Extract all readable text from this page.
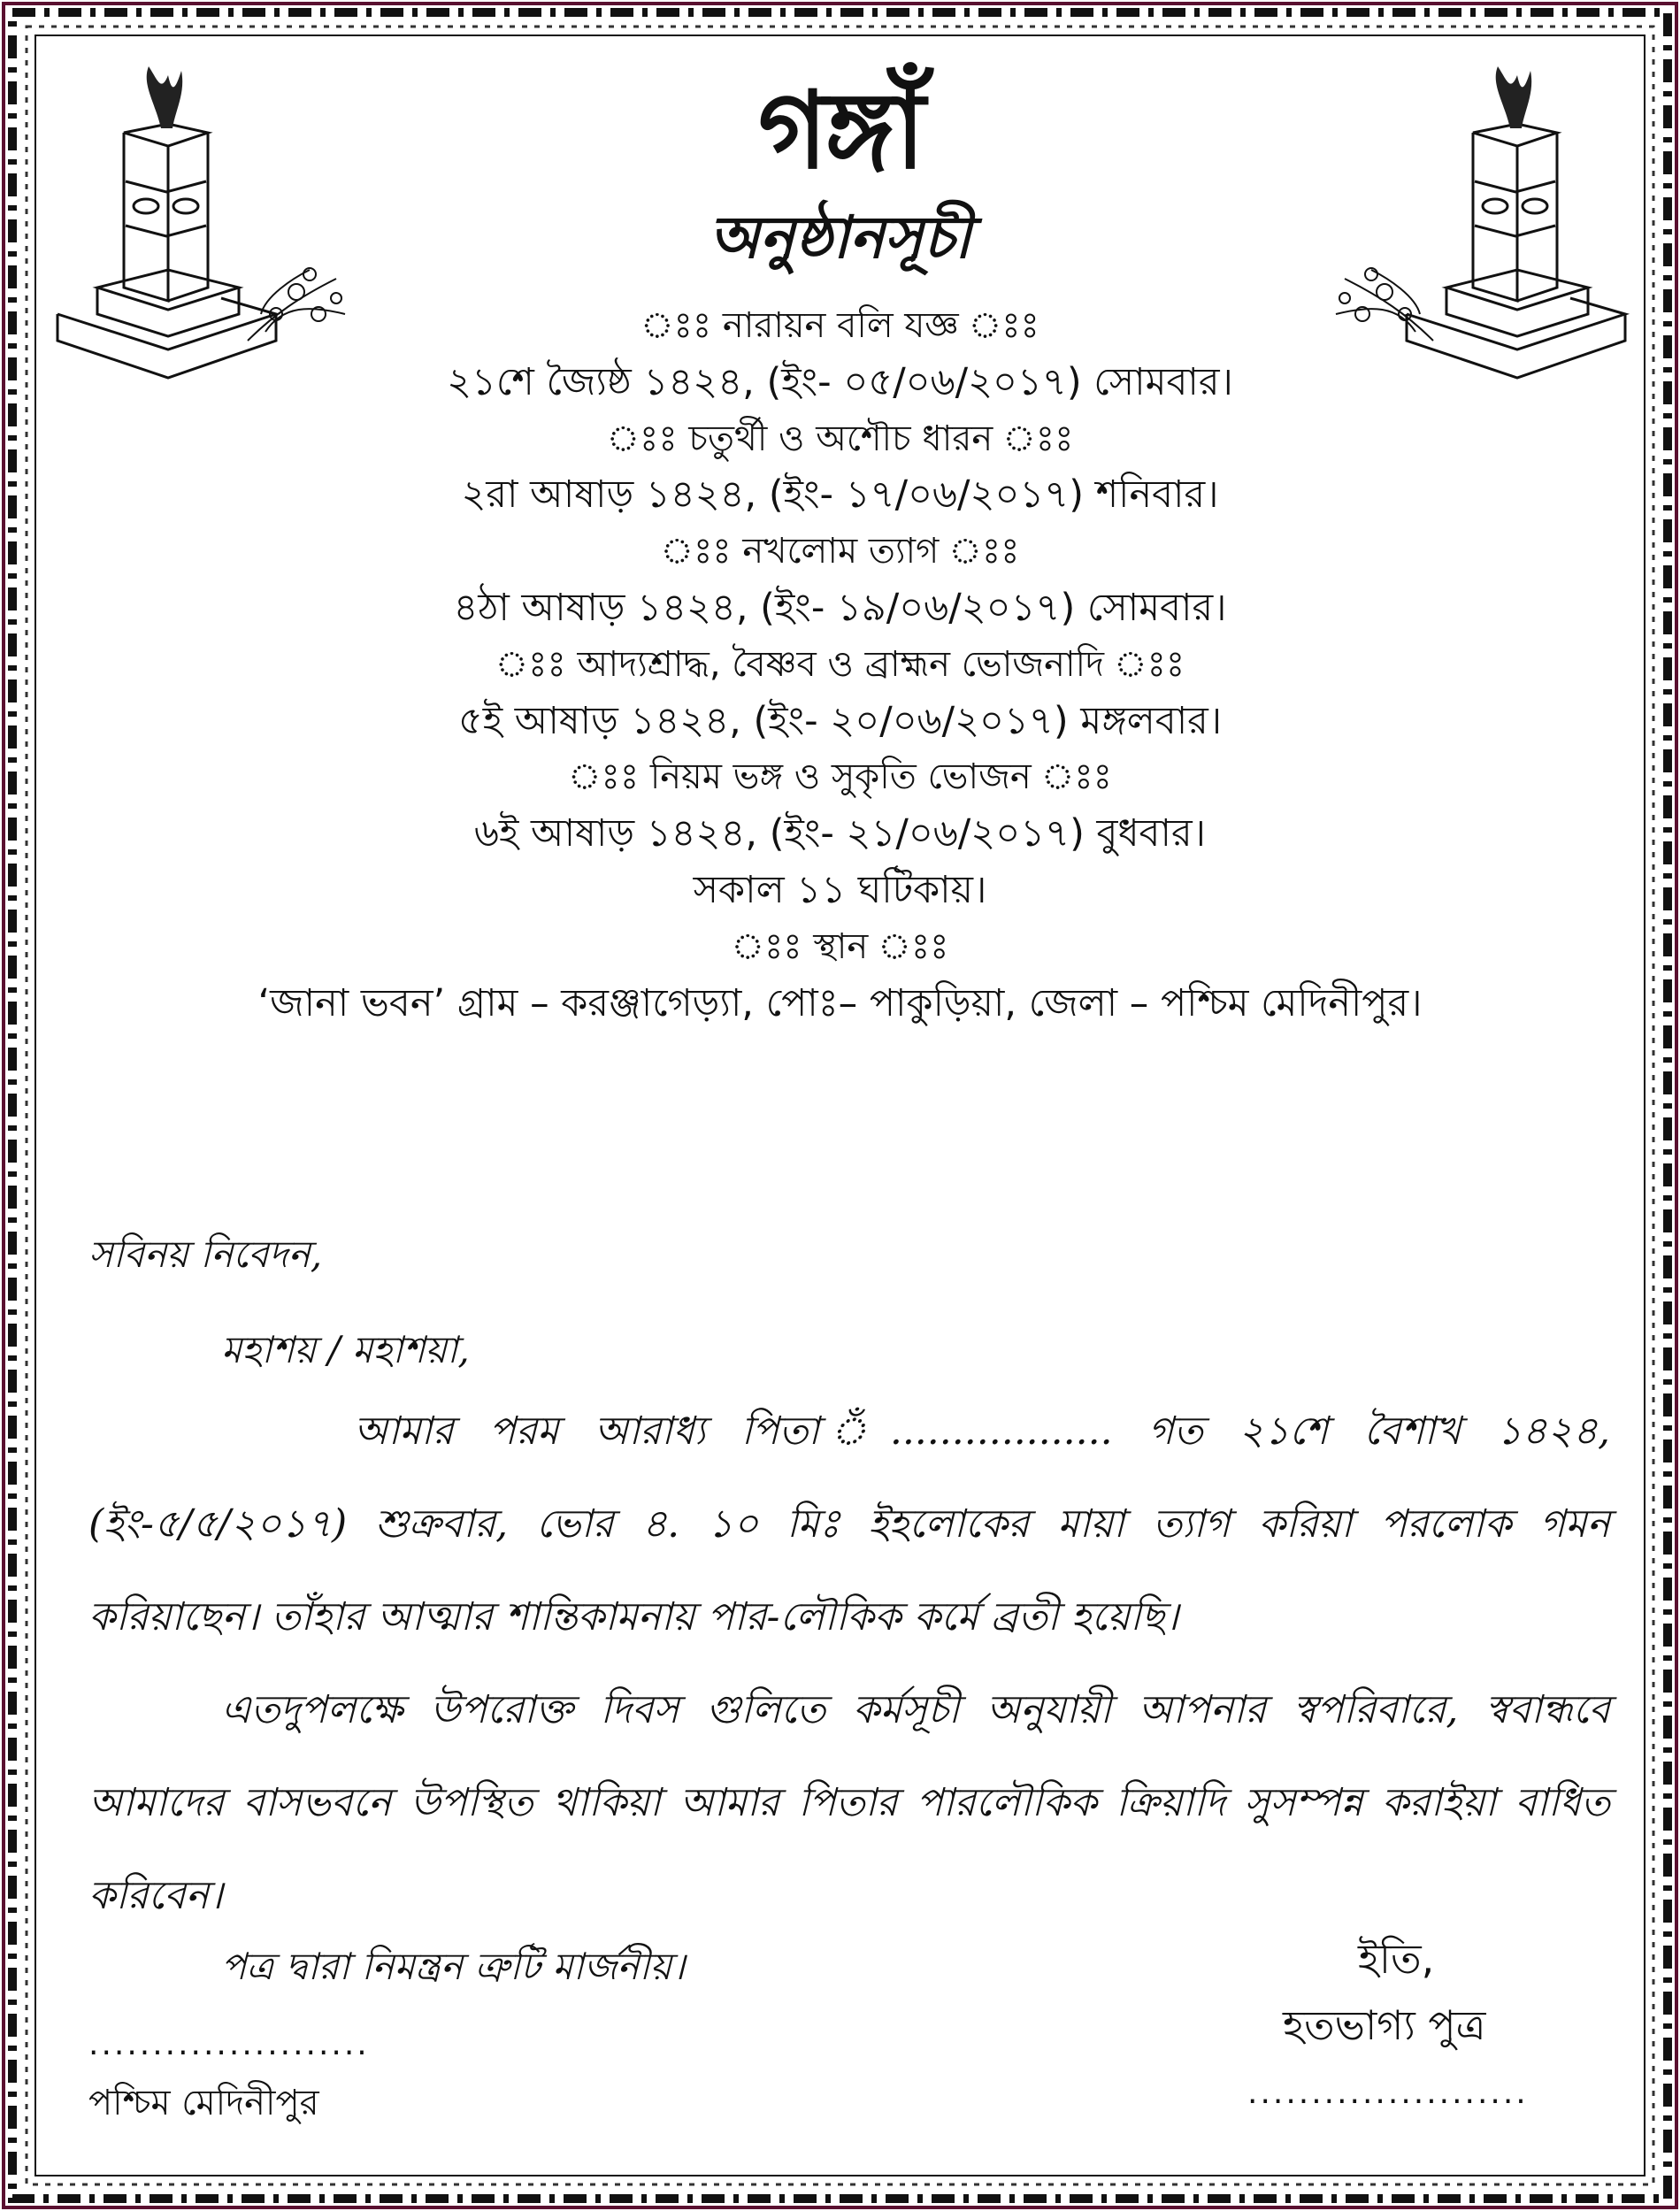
গঙ্গাঁ
অনুষ্ঠানসূচী
ঃঃ নারায়ন বলি যজ্ঞ ঃঃ
২১শে জ্যৈষ্ঠ ১৪২৪, (ইং- ০৫/০৬/২০১৭) সোমবার।
ঃঃ চতুর্থী ও অশৌচ ধারন ঃঃ
২রা আষাড় ১৪২৪, (ইং- ১৭/০৬/২০১৭) শনিবার।
ঃঃ নখলোম ত্যাগ ঃঃ
৪ঠা আষাড় ১৪২৪, (ইং- ১৯/০৬/২০১৭) সোমবার।
ঃঃ আদ্যশ্রাদ্ধ, বৈষ্ণব ও ব্রাহ্মন ভোজনাদি ঃঃ
৫ই আষাড় ১৪২৪, (ইং- ২০/০৬/২০১৭) মঙ্গলবার।
ঃঃ নিয়ম ভঙ্গ ও সুকৃতি ভোজন ঃঃ
৬ই আষাড় ১৪২৪, (ইং- ২১/০৬/২০১৭) বুধবার।
সকাল ১১ ঘটিকায়।
ঃঃ স্থান ঃঃ
‘জানা ভবন’ গ্রাম – করঞ্জাগেড়্যা, পোঃ– পাকুড়িয়া, জেলা – পশ্চিম মেদিনীপুর।
সবিনয় নিবেদন,
মহাশয় / মহাশয়া,
আমার পরম আরাধ্য পিতা ঁ.................. গত ২১শে বৈশাখ ১৪২৪, (ইং-৫/৫/২০১৭) শুক্রবার, ভোর ৪. ১০ মিঃ ইহলোকের মায়া ত্যাগ করিয়া পরলোক গমন করিয়াছেন। তাঁহার আত্মার শান্তিকামনায় পার-লৌকিক কর্মে ব্রতী হয়েছি।
এতদুপলক্ষে উপরোক্ত দিবস গুলিতে কর্মসূচী অনুযায়ী আপনার স্বপরিবারে, স্ববান্ধবে আমাদের বাসভবনে উপস্থিত থাকিয়া আমার পিতার পারলৌকিক ক্রিয়াদি সুসম্পন্ন করাইয়া বাধিত করিবেন।
পত্র দ্বারা নিমন্ত্রন ত্রুটি মার্জনীয়।	ইতি,
হতভাগ্য পুত্র
......................
......................
পশ্চিম মেদিনীপুর
